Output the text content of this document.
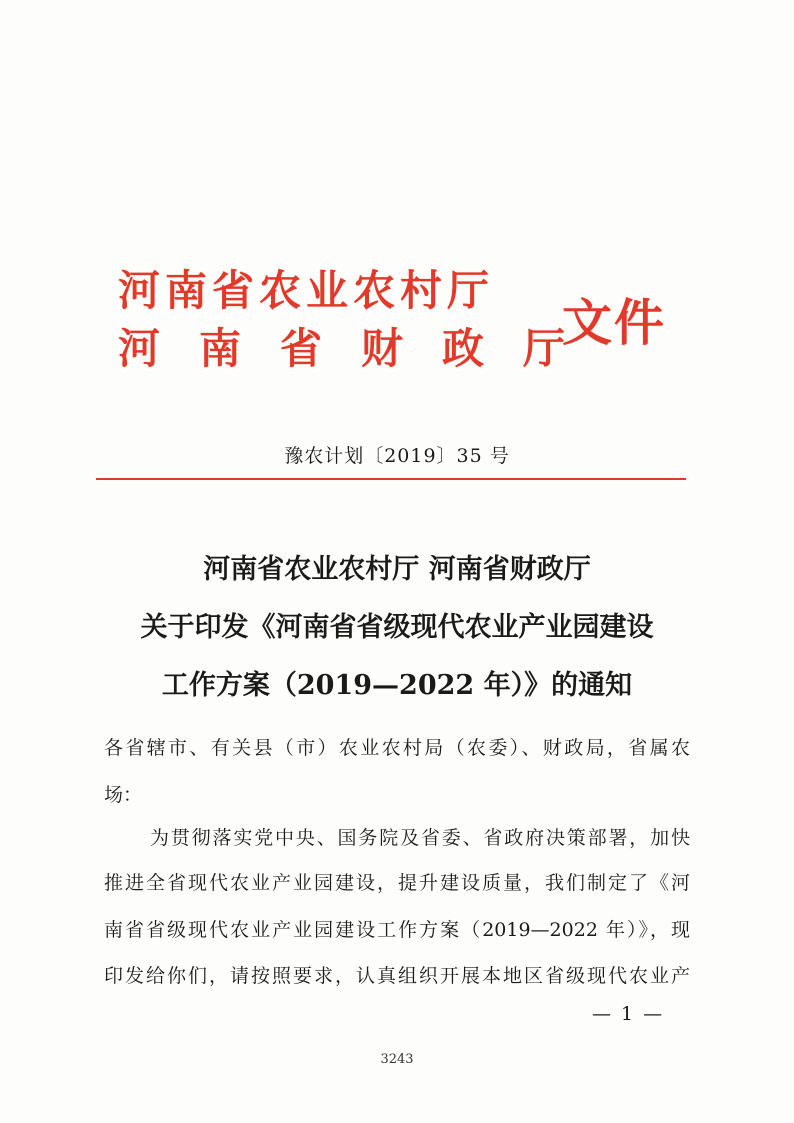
河南省农业农村厅
河南省财政厅
文件
豫农计划〔2019〕35 号
河南省农业农村厅 河南省财政厅
关于印发《河南省省级现代农业产业园建设
工作方案（2019—2022 年）》的通知
各省辖市、有关县（市）农业农村局（农委）、财政局，省属农
场：
为贯彻落实党中央、国务院及省委、省政府决策部署，加快
推进全省现代农业产业园建设，提升建设质量，我们制定了《河
南省省级现代农业产业园建设工作方案（2019—2022 年）》，现
印发给你们，请按照要求，认真组织开展本地区省级现代农业产
— 1 —
3243
